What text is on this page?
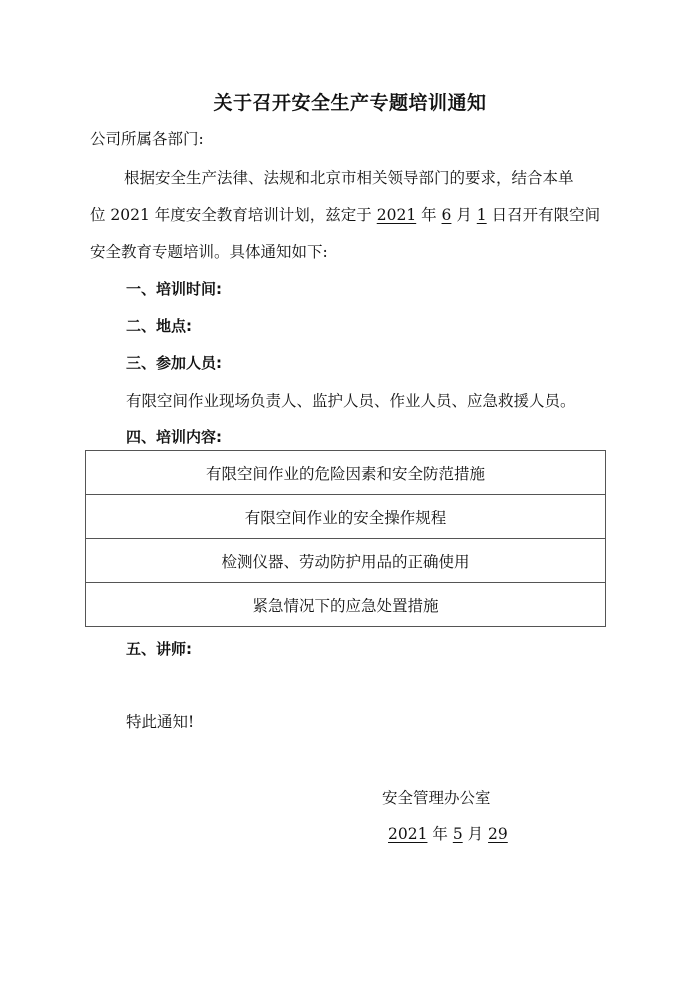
关于召开安全生产专题培训通知
公司所属各部门:
根据安全生产法律、法规和北京市相关领导部门的要求，结合本单
位 2021 年度安全教育培训计划，兹定于 2021 年 6 月 1 日召开有限空间
安全教育专题培训。具体通知如下:
一、培训时间:
二、地点:
三、参加人员:
有限空间作业现场负责人、监护人员、作业人员、应急救援人员。
四、培训内容:
有限空间作业的危险因素和安全防范措施
有限空间作业的安全操作规程
检测仪器、劳动防护用品的正确使用
紧急情况下的应急处置措施
五、讲师:
特此通知!
安全管理办公室
2021 年 5 月 29
